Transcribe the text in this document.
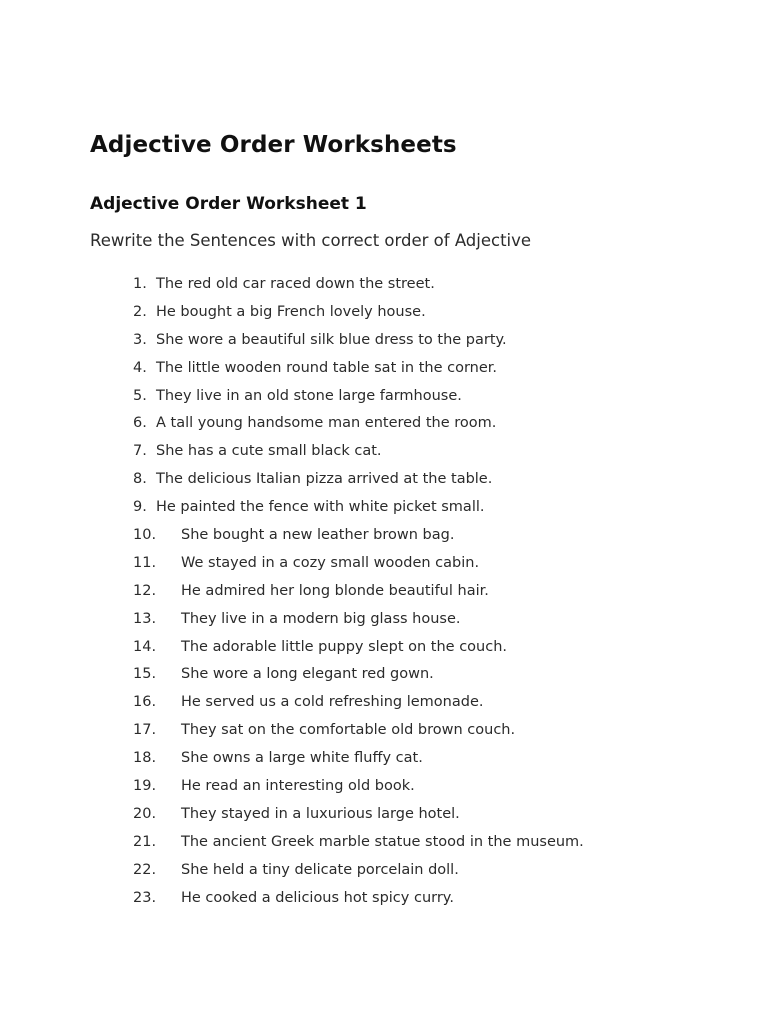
Adjective Order Worksheets
Adjective Order Worksheet 1

Rewrite the Sentences with correct order of Adjective

1. The red old car raced down the street.
2. He bought a big French lovely house.
3. She wore a beautiful silk blue dress to the party.
4. The little wooden round table sat in the corner.
5. They live in an old stone large farmhouse.
6. A tall young handsome man entered the room.
7. She has a cute small black cat.
8. The delicious Italian pizza arrived at the table.
9. He painted the fence with white picket small.
10. She bought a new leather brown bag.
11. We stayed in a cozy small wooden cabin.
12. He admired her long blonde beautiful hair.
13. They live in a modern big glass house.
14. The adorable little puppy slept on the couch.
15. She wore a long elegant red gown.
16. He served us a cold refreshing lemonade.
17. They sat on the comfortable old brown couch.
18. She owns a large white fluffy cat.
19. He read an interesting old book.
20. They stayed in a luxurious large hotel.
21. The ancient Greek marble statue stood in the museum.
22. She held a tiny delicate porcelain doll.
23. He cooked a delicious hot spicy curry.
